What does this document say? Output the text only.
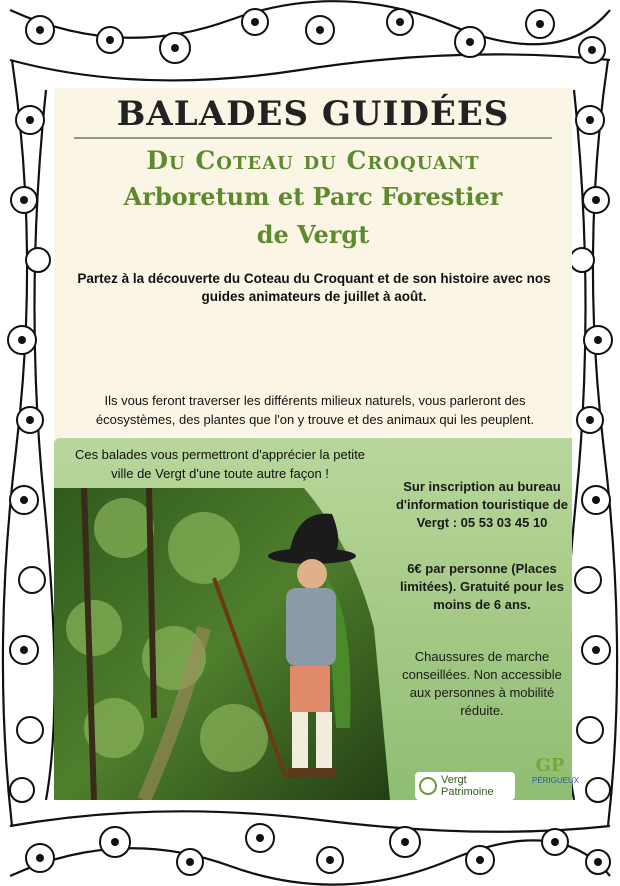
BALADES GUIDÉES
Du Coteau du Croquant
Arboretum et Parc Forestier
de Vergt
Partez à la découverte du Coteau du Croquant et de son histoire avec nos guides animateurs de juillet à août.
Ils vous feront traverser les différents milieux naturels, vous parleront des écosystèmes, des plantes que l'on y trouve et des animaux qui les peuplent.
Ces balades vous permettront d'apprécier la petite ville de Vergt d'une toute autre façon !
Sur inscription au bureau d'information touristique de Vergt : 05 53 03 45 10
6€ par personne (Places limitées). Gratuité pour les moins de 6 ans.
Chaussures de marche conseillées. Non accessible aux personnes à mobilité réduite.
Vergt
Patrimoine
GP
PÉRIGUEUX
